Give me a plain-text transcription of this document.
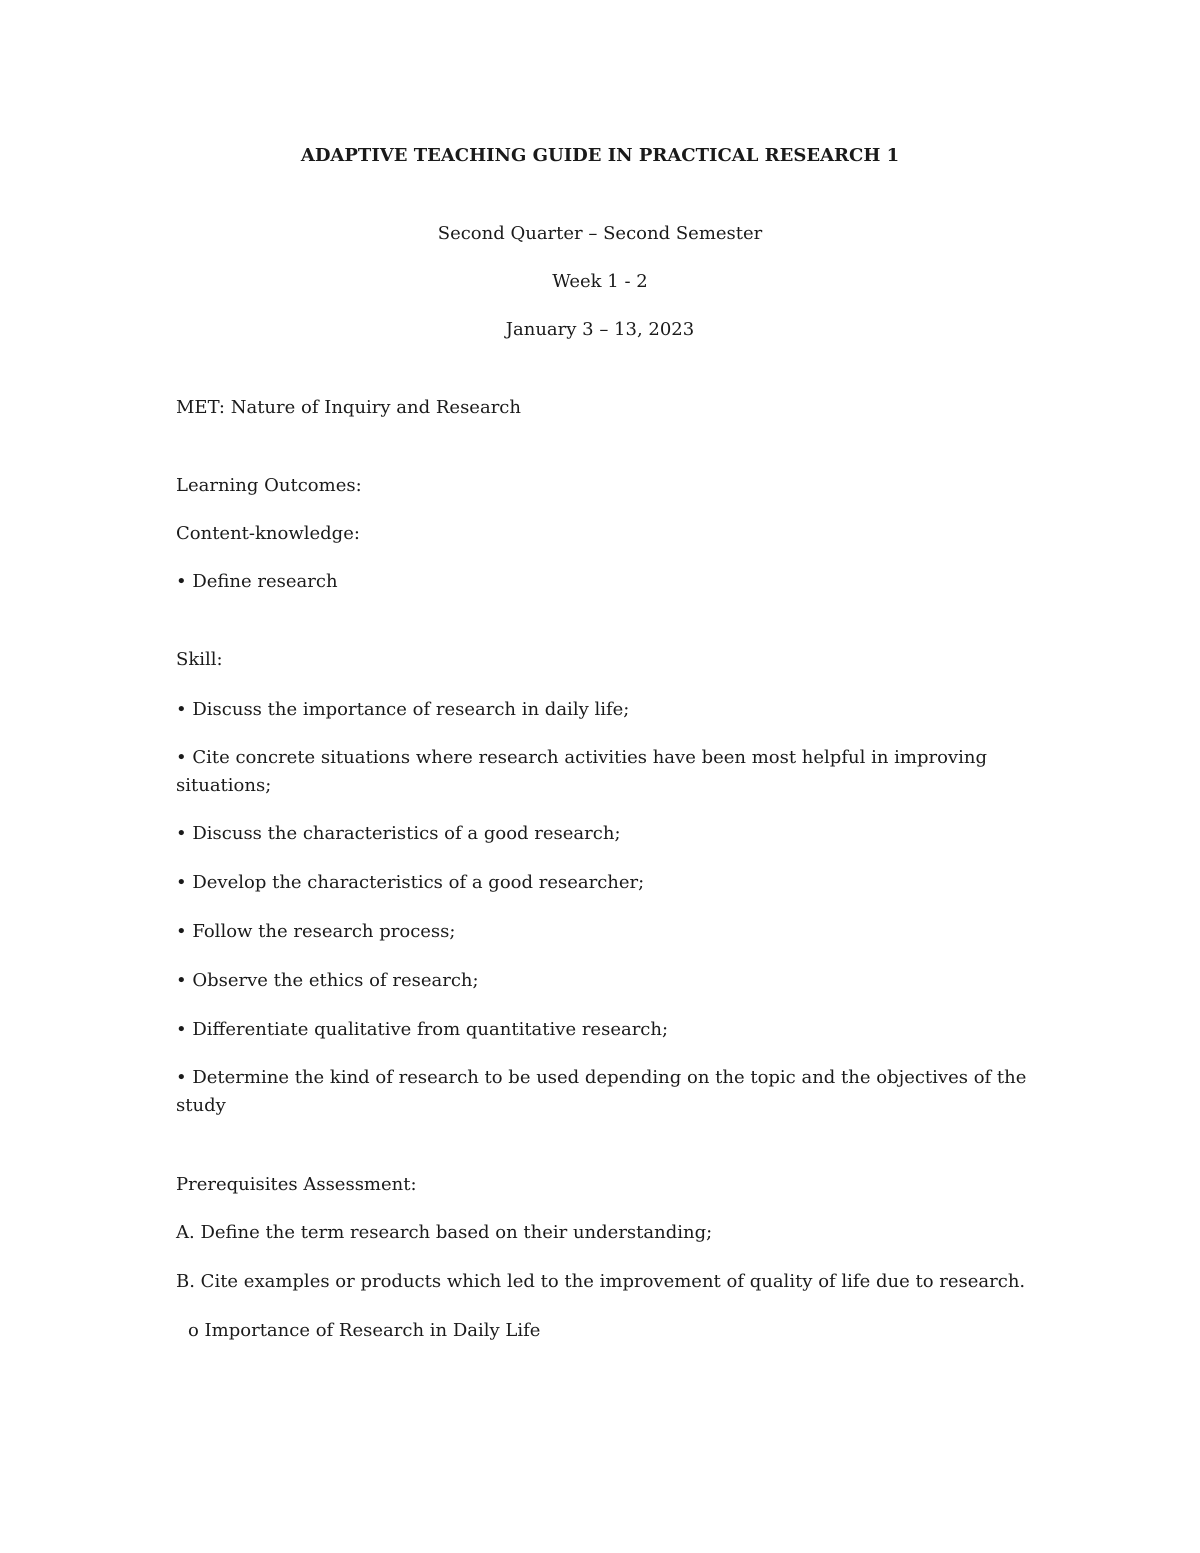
ADAPTIVE TEACHING GUIDE IN PRACTICAL RESEARCH 1
Second Quarter – Second Semester
Week 1 - 2
January 3 – 13, 2023
MET: Nature of Inquiry and Research
Learning Outcomes:
Content-knowledge:
• Define research
Skill:
• Discuss the importance of research in daily life;
• Cite concrete situations where research activities have been most helpful in improving
situations;
• Discuss the characteristics of a good research;
• Develop the characteristics of a good researcher;
• Follow the research process;
• Observe the ethics of research;
• Differentiate qualitative from quantitative research;
• Determine the kind of research to be used depending on the topic and the objectives of the
study
Prerequisites Assessment:
A. Define the term research based on their understanding;
B. Cite examples or products which led to the improvement of quality of life due to research.
o Importance of Research in Daily Life
